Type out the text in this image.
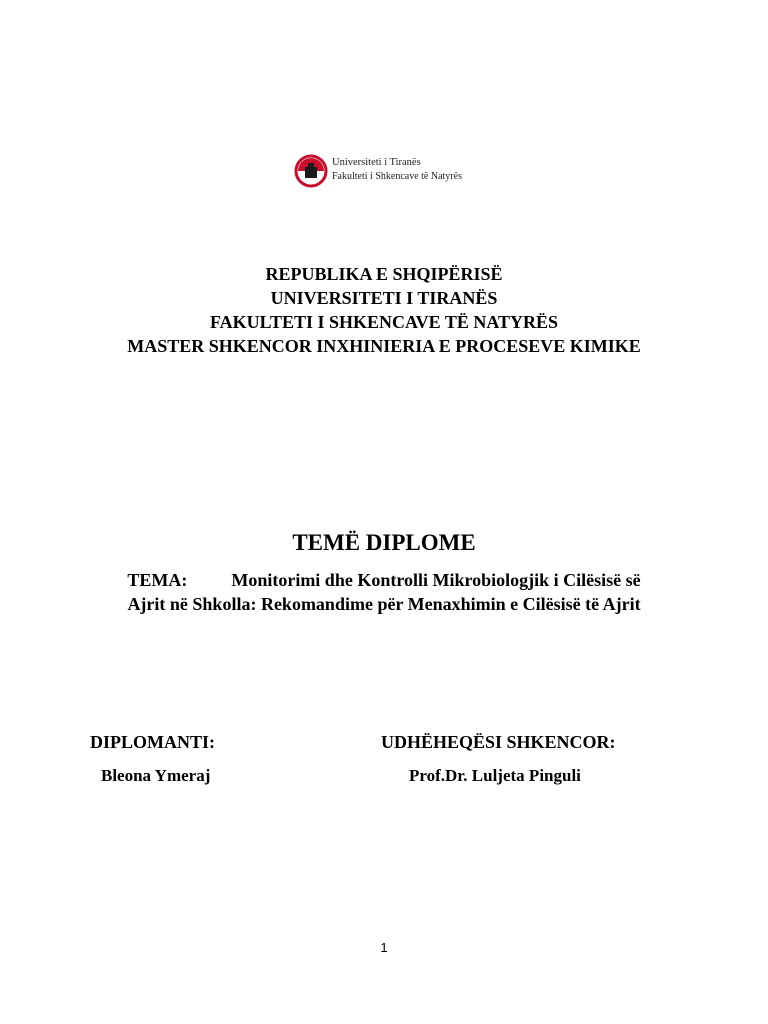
Universiteti i Tiranës
Fakulteti i Shkencave të Natyrës
REPUBLIKA E SHQIPËRISË
UNIVERSITETI I TIRANËS
FAKULTETI I SHKENCAVE TË NATYRËS
MASTER SHKENCOR INXHINIERIA E PROCESEVE KIMIKE
TEMË DIPLOME
TEMA: Monitorimi dhe Kontrolli Mikrobiologjik i Cilësisë së
Ajrit në Shkolla: Rekomandime për Menaxhimin e Cilësisë të Ajrit
DIPLOMANTI:	UDHËHEQËSI SHKENCOR:
Bleona Ymeraj	Prof.Dr. Luljeta Pinguli
1
